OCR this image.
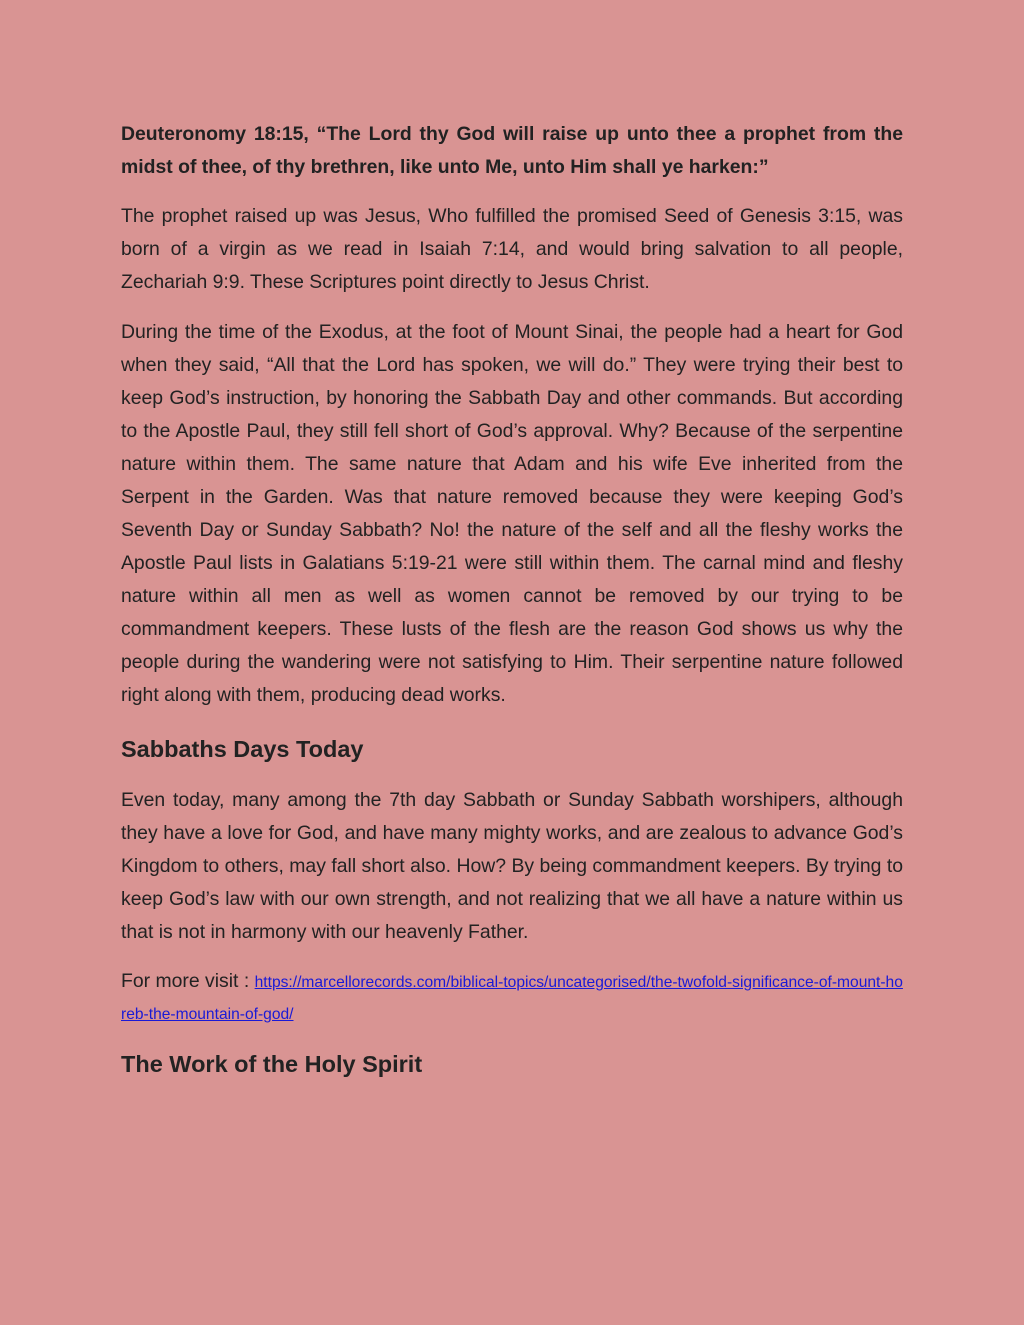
Deuteronomy 18:15, “The Lord thy God will raise up unto thee a prophet from the midst of thee, of thy brethren, like unto Me, unto Him shall ye harken:”

The prophet raised up was Jesus, Who fulfilled the promised Seed of Genesis 3:15, was born of a virgin as we read in Isaiah 7:14, and would bring salvation to all people, Zechariah 9:9. These Scriptures point directly to Jesus Christ.

During the time of the Exodus, at the foot of Mount Sinai, the people had a heart for God when they said, “All that the Lord has spoken, we will do.” They were trying their best to keep God’s instruction, by honoring the Sabbath Day and other commands. But according to the Apostle Paul, they still fell short of God’s approval. Why? Because of the serpentine nature within them. The same nature that Adam and his wife Eve inherited from the Serpent in the Garden. Was that nature removed because they were keeping God’s Seventh Day or Sunday Sabbath? No! the nature of the self and all the fleshy works the Apostle Paul lists in Galatians 5:19-21 were still within them. The carnal mind and fleshy nature within all men as well as women cannot be removed by our trying to be commandment keepers. These lusts of the flesh are the reason God shows us why the people during the wandering were not satisfying to Him. Their serpentine nature followed right along with them, producing dead works.

Sabbaths Days Today

Even today, many among the 7th day Sabbath or Sunday Sabbath worshipers, although they have a love for God, and have many mighty works, and are zealous to advance God’s Kingdom to others, may fall short also. How? By being commandment keepers. By trying to keep God’s law with our own strength, and not realizing that we all have a nature within us that is not in harmony with our heavenly Father.

For more visit : https://marcellorecords.com/biblical-topics/uncategorised/the-twofold-significance-of-mount-horeb-the-mountain-of-god/

The Work of the Holy Spirit
